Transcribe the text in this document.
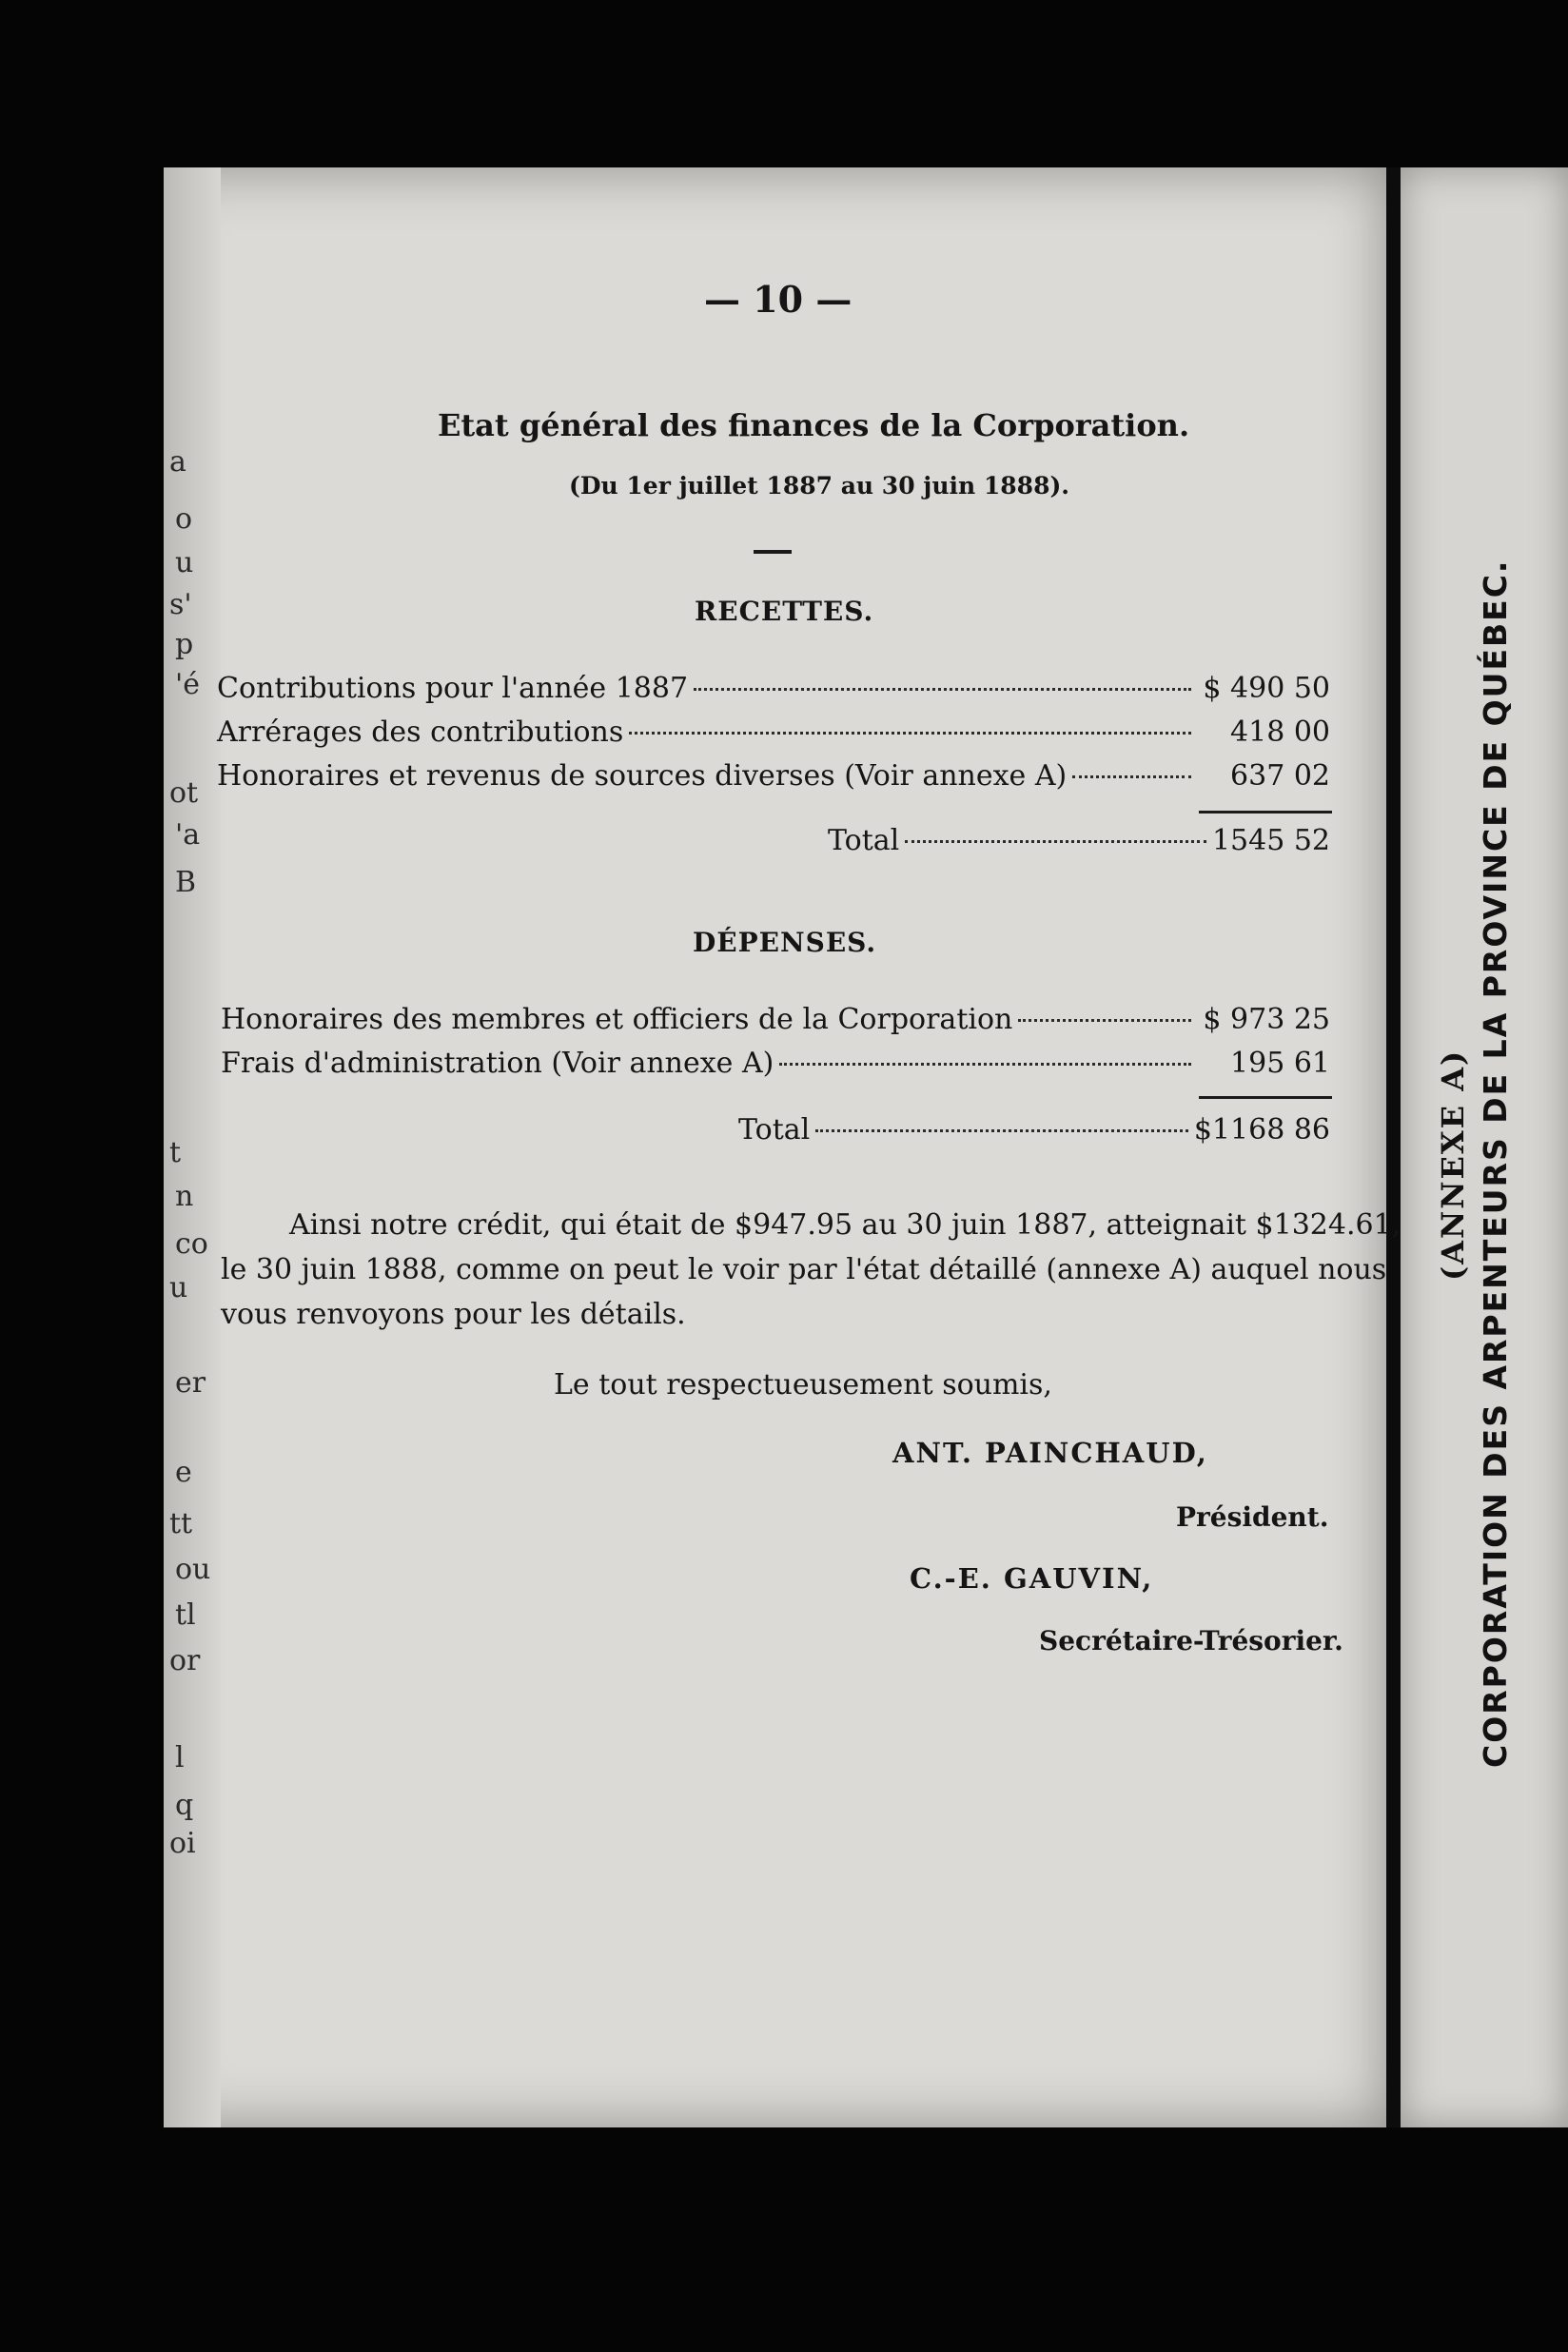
a
o
u
s'
p
'é
ot
'a
B
t
n
co
u
er
e
tt
ou
tl
or
l
q
oi
— 10 —
Etat général des finances de la Corporation.
(Du 1er juillet 1887 au 30 juin 1888).
RECETTES.
Contributions pour l'année 1887	$ 490 50
Arrérages des contributions	418 00
Honoraires et revenus de sources diverses (Voir annexe A)	637 02
Total	1545 52
DÉPENSES.
Honoraires des membres et officiers de la Corporation	$ 973 25
Frais d'administration (Voir annexe A)	195 61
Total	$1168 86
Ainsi notre crédit, qui était de $947.95 au 30 juin 1887, atteignait $1324.61,
le 30 juin 1888, comme on peut le voir par l'état détaillé (annexe A) auquel nous
vous renvoyons pour les détails.
Le tout respectueusement soumis,
ANT. PAINCHAUD,
Président.
C.-E. GAUVIN,
Secrétaire-Trésorier.	CORPORATION DES ARPENTEURS DE LA PROVINCE DE QUÉBEC.
(ANNEXE A)
